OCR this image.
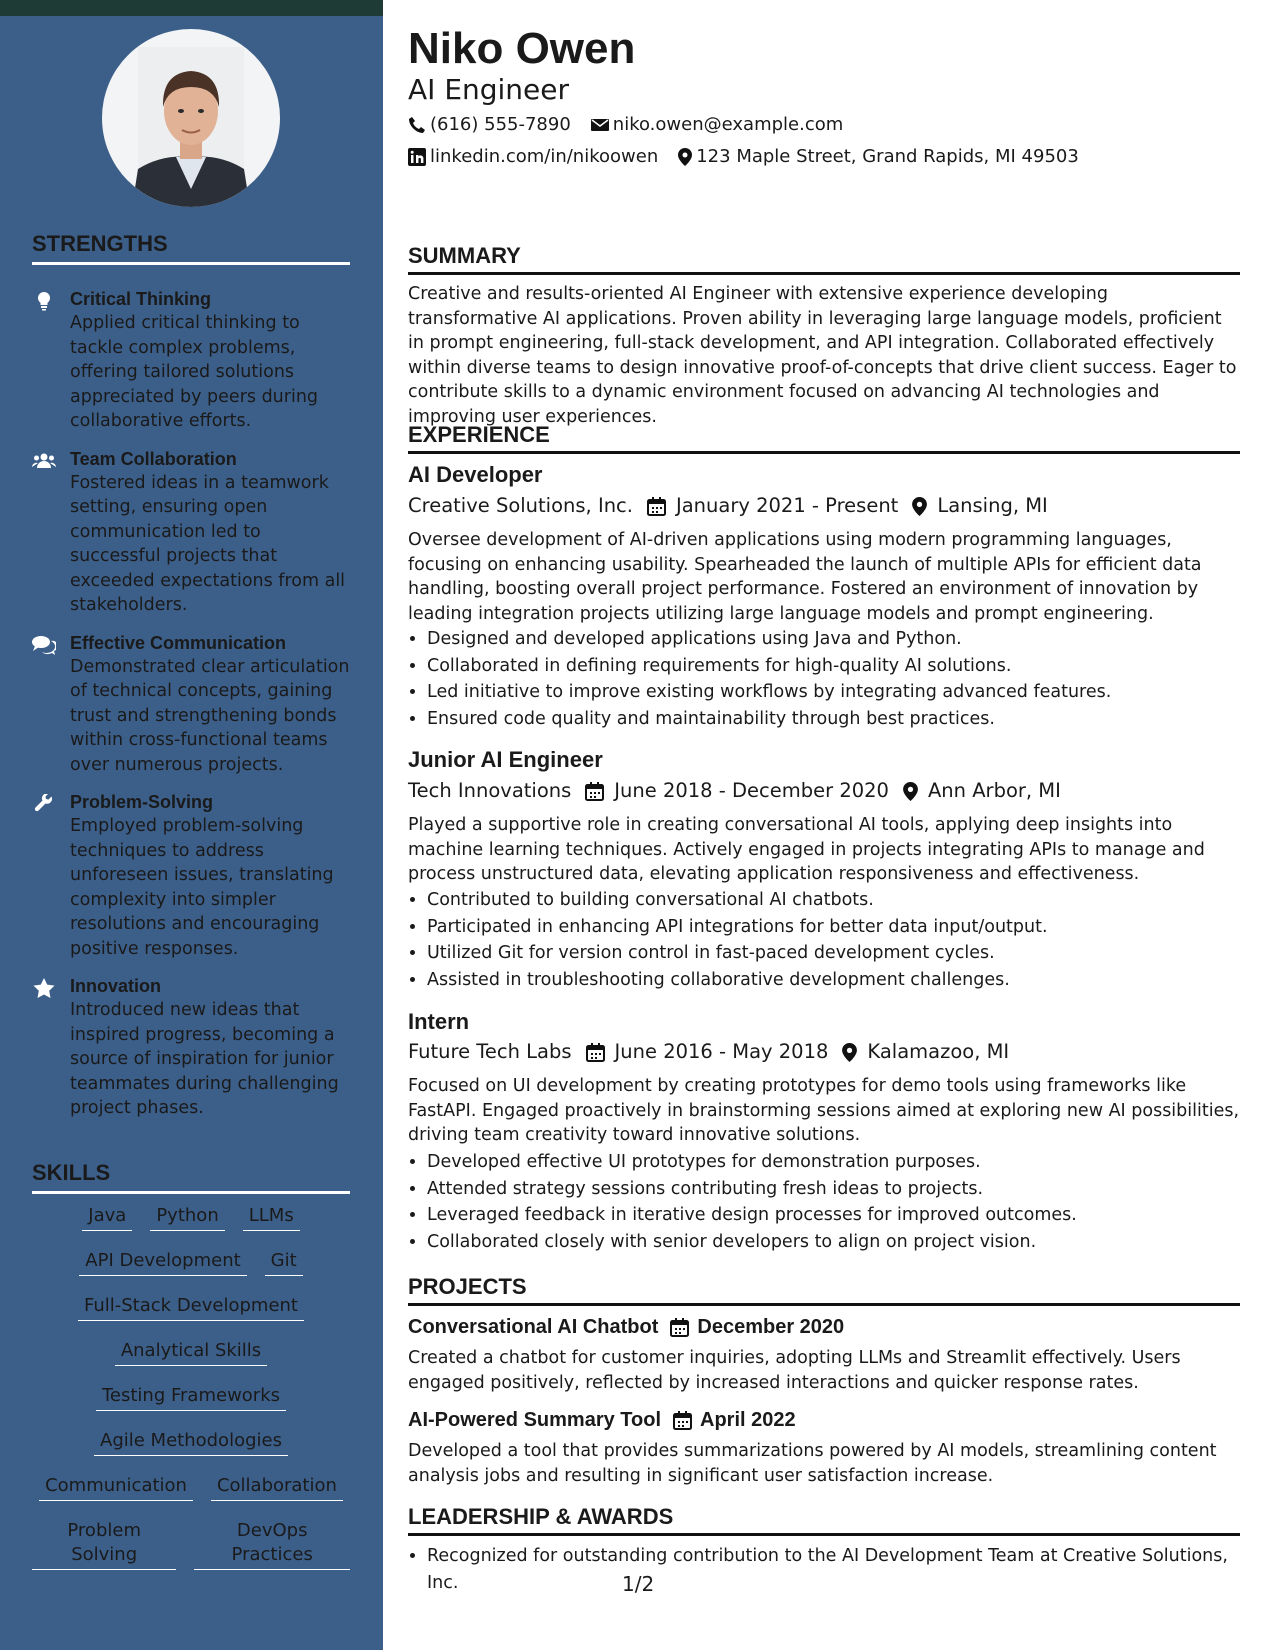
STRENGTHS
Critical Thinking
Applied critical thinking to tackle complex problems, offering tailored solutions appreciated by peers during collaborative efforts.
Team Collaboration
Fostered ideas in a teamwork setting, ensuring open communication led to successful projects that exceeded expectations from all stakeholders.
Effective Communication
Demonstrated clear articulation of technical concepts, gaining trust and strengthening bonds within cross-functional teams over numerous projects.
Problem-Solving
Employed problem-solving techniques to address unforeseen issues, translating complexity into simpler resolutions and encouraging positive responses.
Innovation
Introduced new ideas that inspired progress, becoming a source of inspiration for junior teammates during challenging project phases.
SKILLS
Java	Python	LLMs
API Development	Git
Full-Stack Development
Analytical Skills
Testing Frameworks
Agile Methodologies
Communication	Collaboration
Problem Solving
DevOps Practices
Niko Owen
AI Engineer
(616) 555-7890 niko.owen@example.com
linkedin.com/in/nikoowen 123 Maple Street, Grand Rapids, MI 49503
SUMMARY

Creative and results-oriented AI Engineer with extensive experience developing transformative AI applications. Proven ability in leveraging large language models, proficient in prompt engineering, full-stack development, and API integration. Collaborated effectively within diverse teams to design innovative proof-of-concepts that drive client success. Eager to contribute skills to a dynamic environment focused on advancing AI technologies and improving user experiences.

EXPERIENCE
AI Developer
Creative Solutions, Inc. January 2021 - Present Lansing, MI

Oversee development of AI-driven applications using modern programming languages, focusing on enhancing usability. Spearheaded the launch of multiple APIs for efficient data handling, boosting overall project performance. Fostered an environment of innovation by leading integration projects utilizing large language models and prompt engineering.

• Designed and developed applications using Java and Python.
• Collaborated in defining requirements for high-quality AI solutions.
• Led initiative to improve existing workflows by integrating advanced features.
• Ensured code quality and maintainability through best practices.
Junior AI Engineer
Tech Innovations June 2018 - December 2020 Ann Arbor, MI

Played a supportive role in creating conversational AI tools, applying deep insights into machine learning techniques. Actively engaged in projects integrating APIs to manage and process unstructured data, elevating application responsiveness and effectiveness.

• Contributed to building conversational AI chatbots.
• Participated in enhancing API integrations for better data input/output.
• Utilized Git for version control in fast-paced development cycles.
• Assisted in troubleshooting collaborative development challenges.
Intern
Future Tech Labs June 2016 - May 2018 Kalamazoo, MI

Focused on UI development by creating prototypes for demo tools using frameworks like FastAPI. Engaged proactively in brainstorming sessions aimed at exploring new AI possibilities, driving team creativity toward innovative solutions.

• Developed effective UI prototypes for demonstration purposes.
• Attended strategy sessions contributing fresh ideas to projects.
• Leveraged feedback in iterative design processes for improved outcomes.
• Collaborated closely with senior developers to align on project vision.
PROJECTS
Conversational AI Chatbot December 2020

Created a chatbot for customer inquiries, adopting LLMs and Streamlit effectively. Users engaged positively, reflected by increased interactions and quicker response rates.

AI-Powered Summary Tool April 2022

Developed a tool that provides summarizations powered by AI models, streamlining content analysis jobs and resulting in significant user satisfaction increase.

LEADERSHIP & AWARDS
• Recognized for outstanding contribution to the AI Development Team at Creative Solutions, Inc.	1/2
